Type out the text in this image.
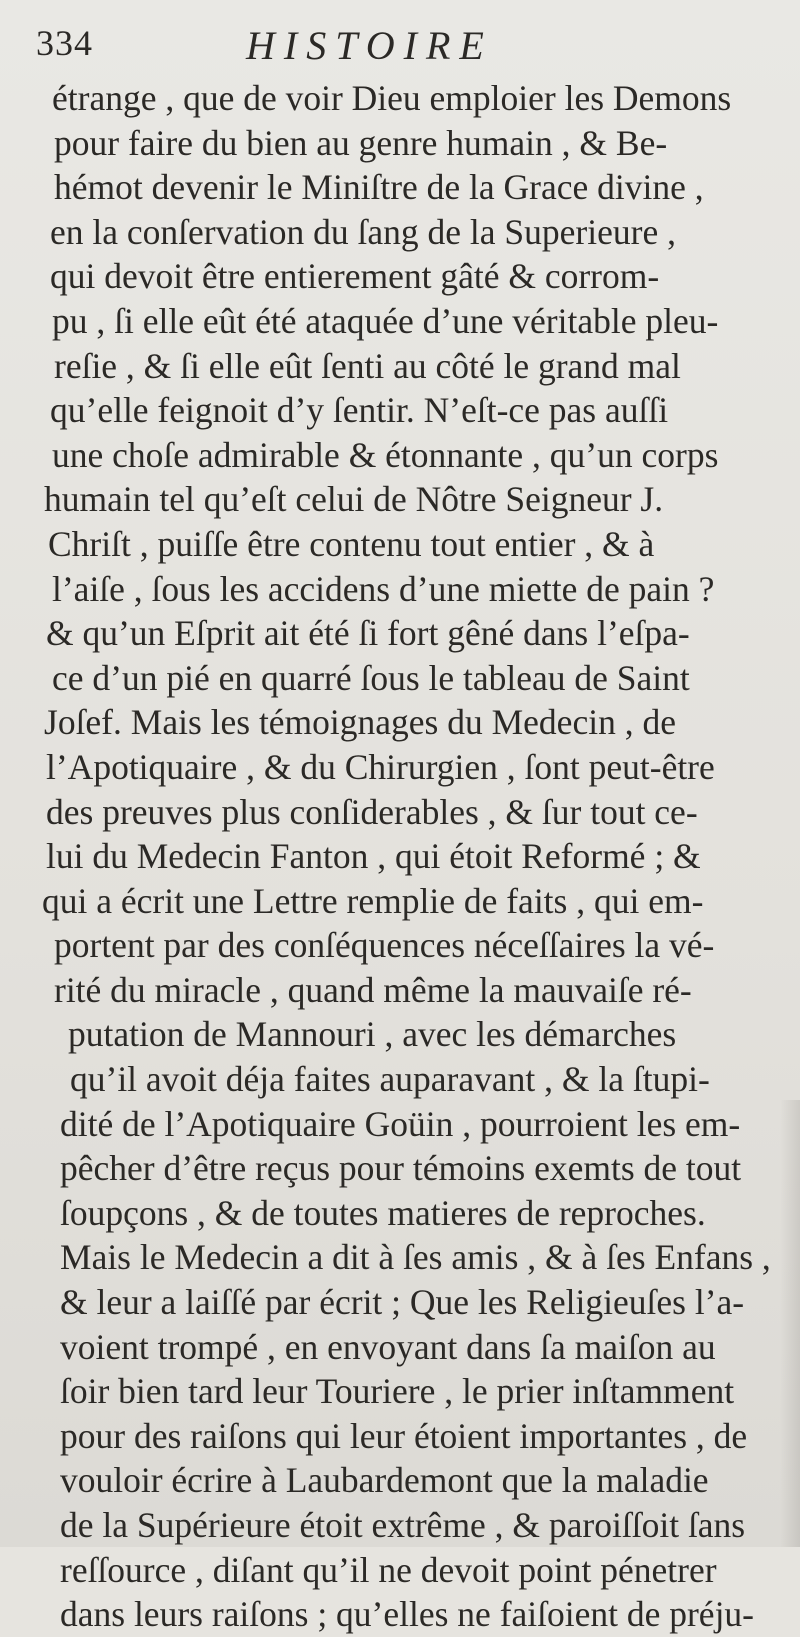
334	HISTOIRE
étrange , que de voir Dieu emploier les Demons
pour faire du bien au genre humain , & Be-
hémot devenir le Miniſtre de la Grace divine ,
en la conſervation du ſang de la Superieure ,
qui devoit être entierement gâté & corrom-
pu , ſi elle eût été ataquée d’une véritable pleu-
reſie , & ſi elle eût ſenti au côté le grand mal
qu’elle feignoit d’y ſentir. N’eſt-ce pas auſſi
une choſe admirable & étonnante , qu’un corps
humain tel qu’eſt celui de Nôtre Seigneur J.
Chriſt , puiſſe être contenu tout entier , & à
l’aiſe , ſous les accidens d’une miette de pain ?
& qu’un Eſprit ait été ſi fort gêné dans l’eſpa-
ce d’un pié en quarré ſous le tableau de Saint
Joſef. Mais les témoignages du Medecin , de
l’Apotiquaire , & du Chirurgien , ſont peut-être
des preuves plus conſiderables , & ſur tout ce-
lui du Medecin Fanton , qui étoit Reformé ; &
qui a écrit une Lettre remplie de faits , qui em-
portent par des conſéquences néceſſaires la vé-
rité du miracle , quand même la mauvaiſe ré-
putation de Mannouri , avec les démarches
qu’il avoit déja faites auparavant , & la ſtupi-
dité de l’Apotiquaire Goüin , pourroient les em-
pêcher d’être reçus pour témoins exemts de tout
ſoupçons , & de toutes matieres de reproches.
Mais le Medecin a dit à ſes amis , & à ſes Enfans ,
& leur a laiſſé par écrit ; Que les Religieuſes l’a-
voient trompé , en envoyant dans ſa maiſon au
ſoir bien tard leur Touriere , le prier inſtamment
pour des raiſons qui leur étoient importantes , de
vouloir écrire à Laubardemont que la maladie
de la Supérieure étoit extrême , & paroiſſoit ſans
reſſource , diſant qu’il ne devoit point pénetrer
dans leurs raiſons ; qu’elles ne faiſoient de préju-
